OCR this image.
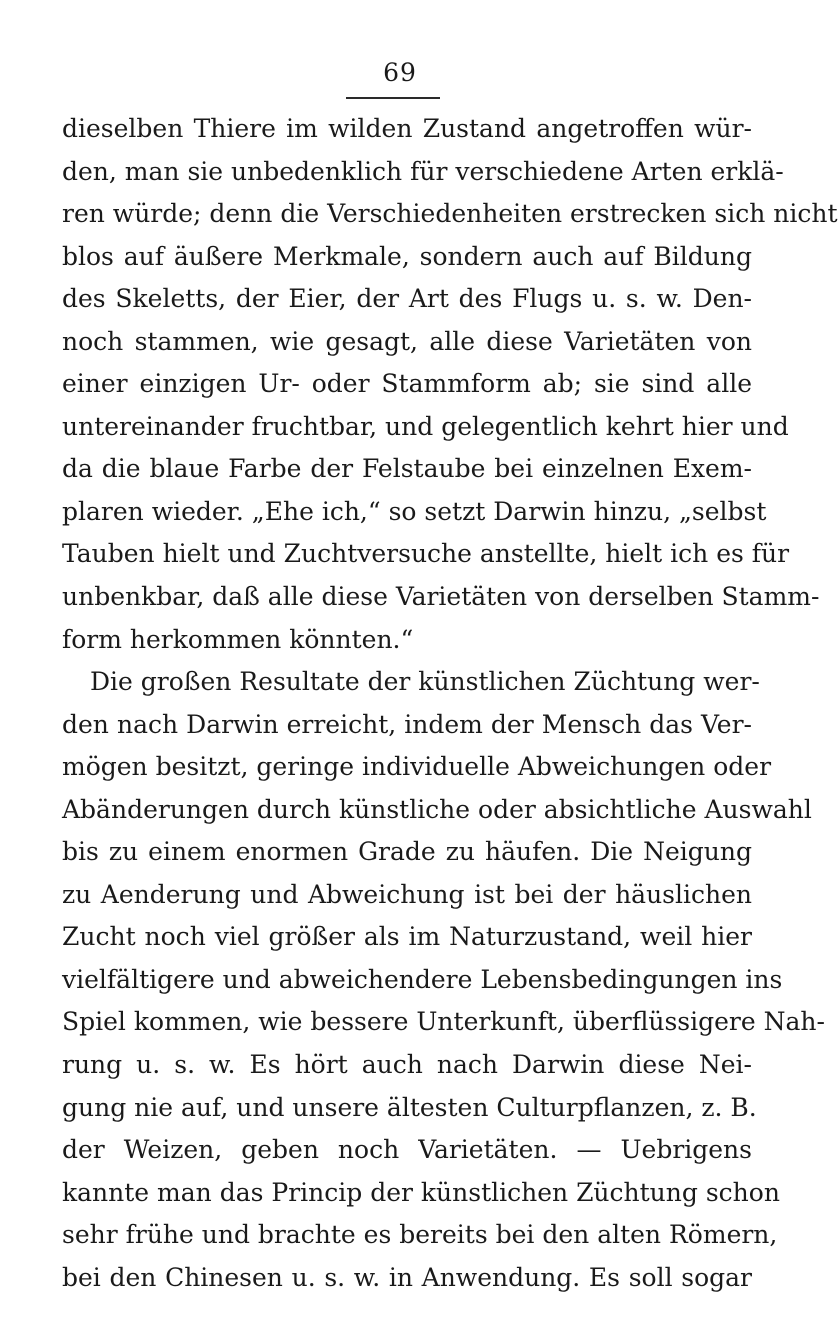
69
dieselben Thiere im wilden Zustand angetroffen wür-
den, man sie unbedenklich für verschiedene Arten erklä-
ren würde; denn die Verschiedenheiten erstrecken sich nicht
blos auf äußere Merkmale, sondern auch auf Bildung
des Skeletts, der Eier, der Art des Flugs u. s. w. Den-
noch stammen, wie gesagt, alle diese Varietäten von
einer einzigen Ur- oder Stammform ab; sie sind alle
untereinander fruchtbar, und gelegentlich kehrt hier und
da die blaue Farbe der Felstaube bei einzelnen Exem-
plaren wieder. „Ehe ich,“ so setzt Darwin hinzu, „selbst
Tauben hielt und Zuchtversuche anstellte, hielt ich es für
unbenkbar, daß alle diese Varietäten von derselben Stamm-
form herkommen könnten.“
Die großen Resultate der künstlichen Züchtung wer-
den nach Darwin erreicht, indem der Mensch das Ver-
mögen besitzt, geringe individuelle Abweichungen oder
Abänderungen durch künstliche oder absichtliche Auswahl
bis zu einem enormen Grade zu häufen. Die Neigung
zu Aenderung und Abweichung ist bei der häuslichen
Zucht noch viel größer als im Naturzustand, weil hier
vielfältigere und abweichendere Lebensbedingungen ins
Spiel kommen, wie bessere Unterkunft, überflüssigere Nah-
rung u. s. w. Es hört auch nach Darwin diese Nei-
gung nie auf, und unsere ältesten Culturpflanzen, z. B.
der Weizen, geben noch Varietäten. — Uebrigens
kannte man das Princip der künstlichen Züchtung schon
sehr frühe und brachte es bereits bei den alten Römern,
bei den Chinesen u. s. w. in Anwendung. Es soll sogar
